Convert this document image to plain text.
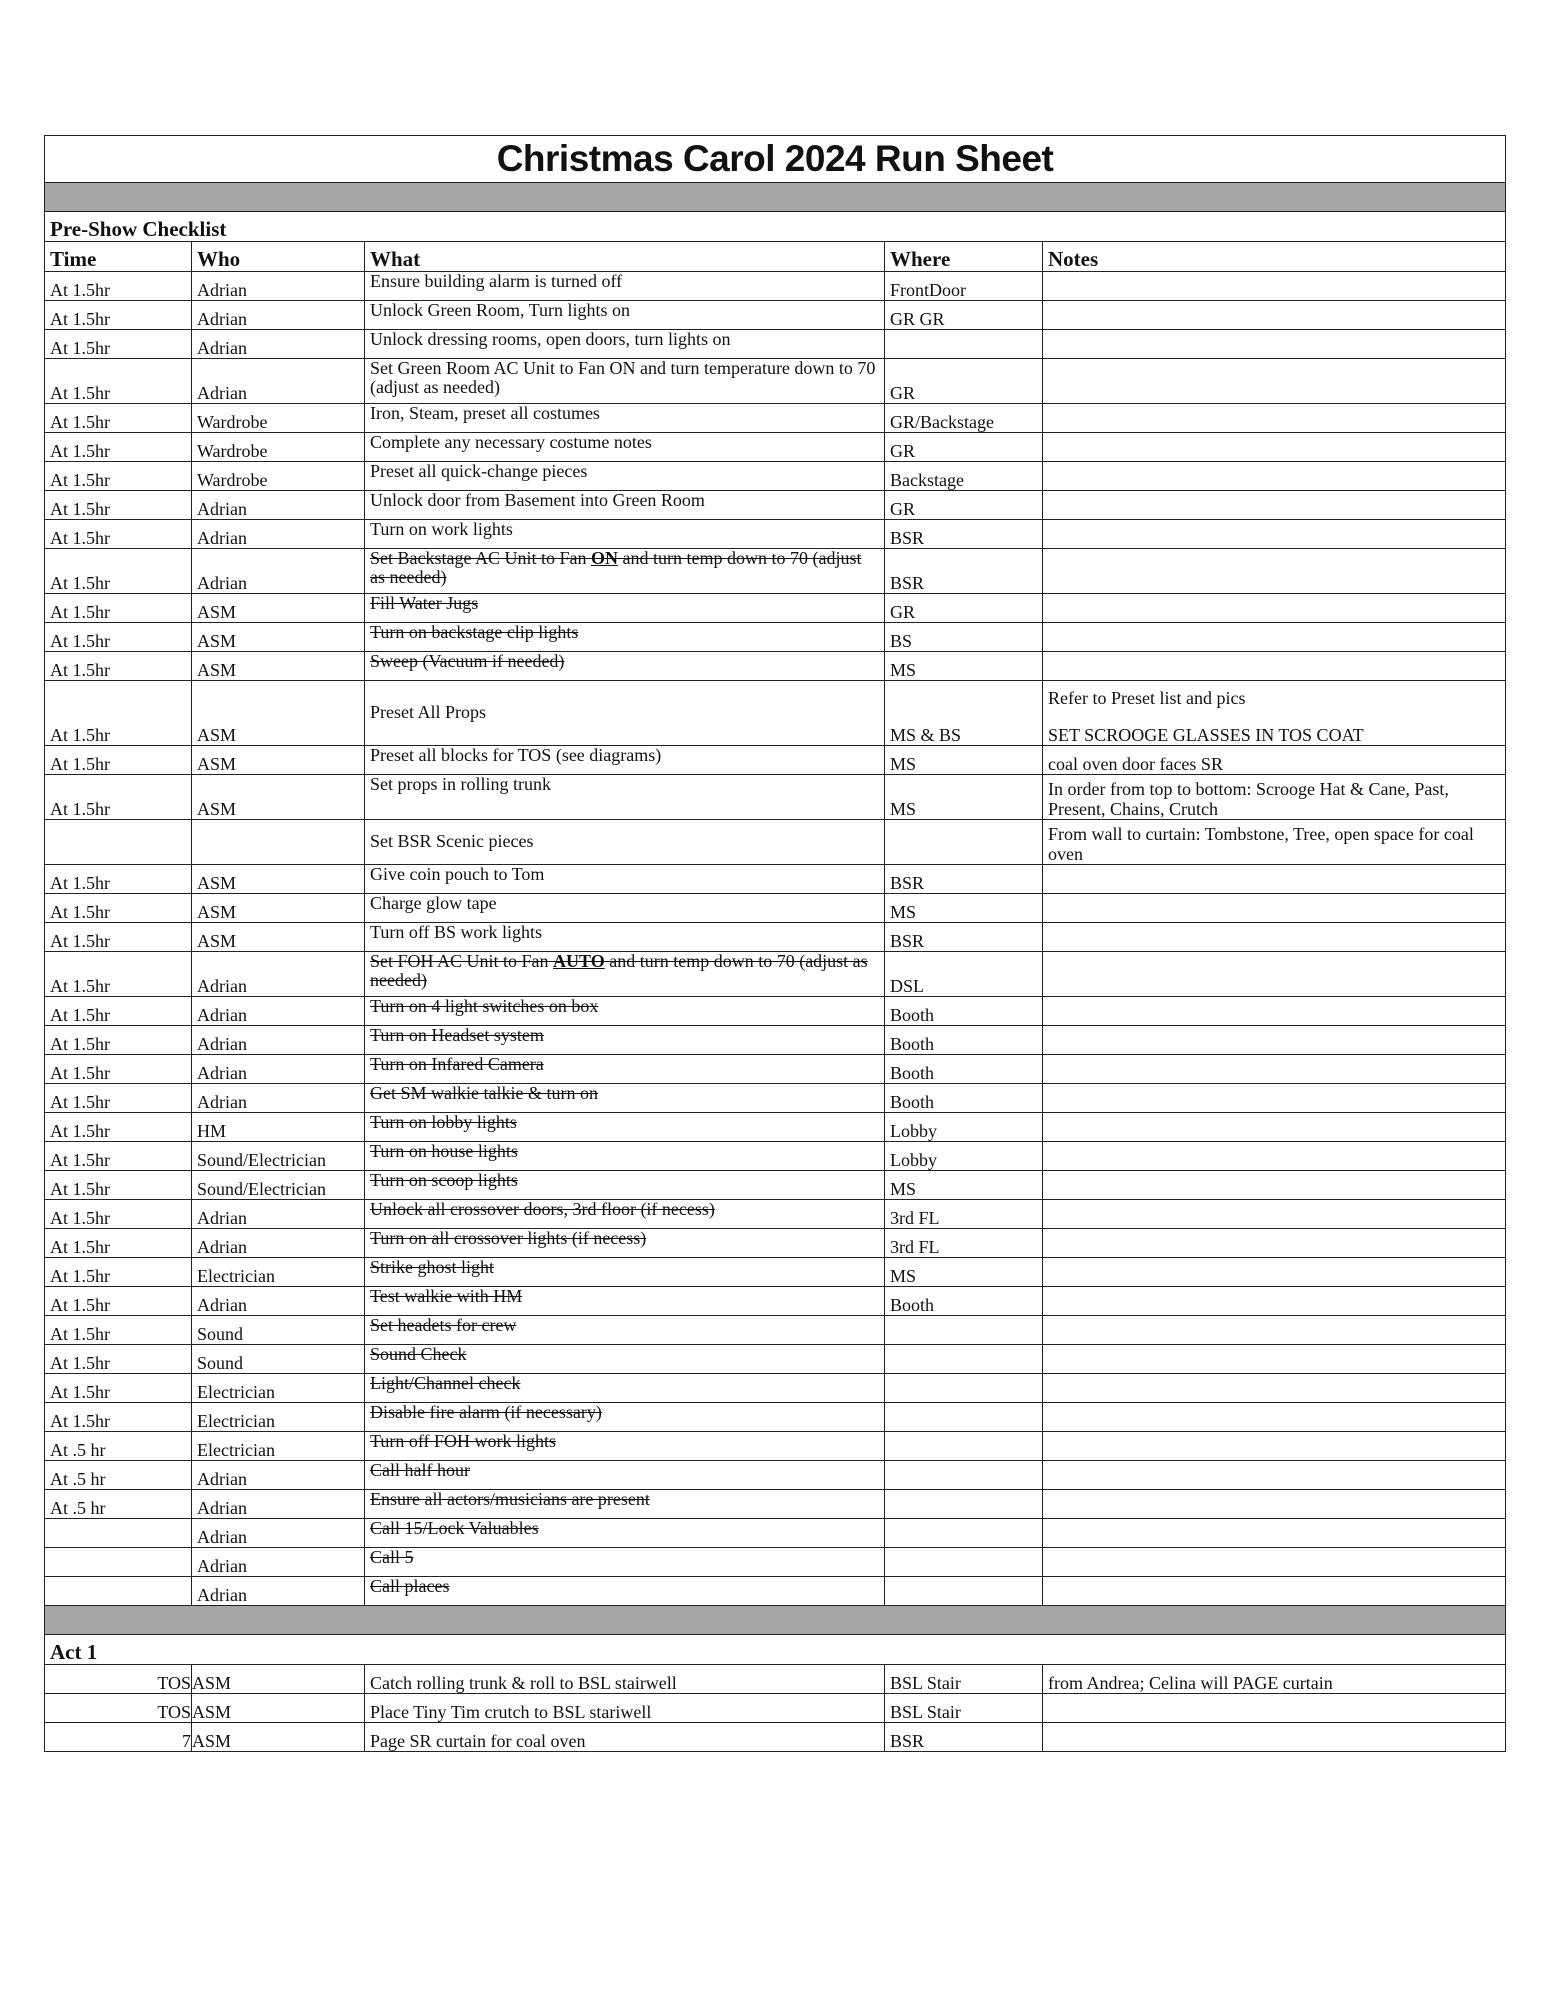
Christmas Carol 2024 Run Sheet				

Pre-Show Checklist				
Time	Who	What	Where	Notes
At 1.5hr	Adrian	Ensure building alarm is turned off	FrontDoor	
At 1.5hr	Adrian	Unlock Green Room, Turn lights on	GR GR	
At 1.5hr	Adrian	Unlock dressing rooms, open doors, turn lights on		
At 1.5hr	Adrian	Set Green Room AC Unit to Fan ON and turn temperature down to 70 (adjust as needed)	GR	
At 1.5hr	Wardrobe	Iron, Steam, preset all costumes	GR/Backstage	
At 1.5hr	Wardrobe	Complete any necessary costume notes	GR	
At 1.5hr	Wardrobe	Preset all quick-change pieces	Backstage	
At 1.5hr	Adrian	Unlock door from Basement into Green Room	GR	
At 1.5hr	Adrian	Turn on work lights	BSR	
At 1.5hr	Adrian	Set Backstage AC Unit to Fan ON and turn temp down to 70 (adjust as needed)	BSR	
At 1.5hr	ASM	Fill Water Jugs	GR	
At 1.5hr	ASM	Turn on backstage clip lights	BS	
At 1.5hr	ASM	Sweep (Vacuum if needed)	MS	
At 1.5hr	ASM	Preset All Props	MS & BS	Refer to Preset list and pics
SET SCROOGE GLASSES IN TOS COAT

At 1.5hr	ASM	Preset all blocks for TOS (see diagrams)	MS	coal oven door faces SR
At 1.5hr	ASM	Set props in rolling trunk	MS	In order from top to bottom: Scrooge Hat & Cane, Past, Present, Chains, Crutch
		Set BSR Scenic pieces		From wall to curtain: Tombstone, Tree, open space for coal oven
At 1.5hr	ASM	Give coin pouch to Tom	BSR	
At 1.5hr	ASM	Charge glow tape	MS	
At 1.5hr	ASM	Turn off BS work lights	BSR	
At 1.5hr	Adrian	Set FOH AC Unit to Fan AUTO and turn temp down to 70 (adjust as needed)	DSL	
At 1.5hr	Adrian	Turn on 4 light switches on box	Booth	
At 1.5hr	Adrian	Turn on Headset system	Booth	
At 1.5hr	Adrian	Turn on Infared Camera	Booth	
At 1.5hr	Adrian	Get SM walkie talkie & turn on	Booth	
At 1.5hr	HM	Turn on lobby lights	Lobby	
At 1.5hr	Sound/Electrician	Turn on house lights	Lobby	
At 1.5hr	Sound/Electrician	Turn on scoop lights	MS	
At 1.5hr	Adrian	Unlock all crossover doors, 3rd floor (if necess)	3rd FL	
At 1.5hr	Adrian	Turn on all crossover lights (if necess)	3rd FL	
At 1.5hr	Electrician	Strike ghost light	MS	
At 1.5hr	Adrian	Test walkie with HM	Booth	
At 1.5hr	Sound	Set headets for crew		
At 1.5hr	Sound	Sound Check		
At 1.5hr	Electrician	Light/Channel check		
At 1.5hr	Electrician	Disable fire alarm (if necessary)		
At .5 hr	Electrician	Turn off FOH work lights		
At .5 hr	Adrian	Call half hour		
At .5 hr	Adrian	Ensure all actors/musicians are present		
	Adrian	Call 15/Lock Valuables		
	Adrian	Call 5		
	Adrian	Call places		

Act 1				
TOS	ASM	Catch rolling trunk & roll to BSL stairwell	BSL Stair	from Andrea; Celina will PAGE curtain
TOS	ASM	Place Tiny Tim crutch to BSL stariwell	BSL Stair	
7	ASM	Page SR curtain for coal oven	BSR	
